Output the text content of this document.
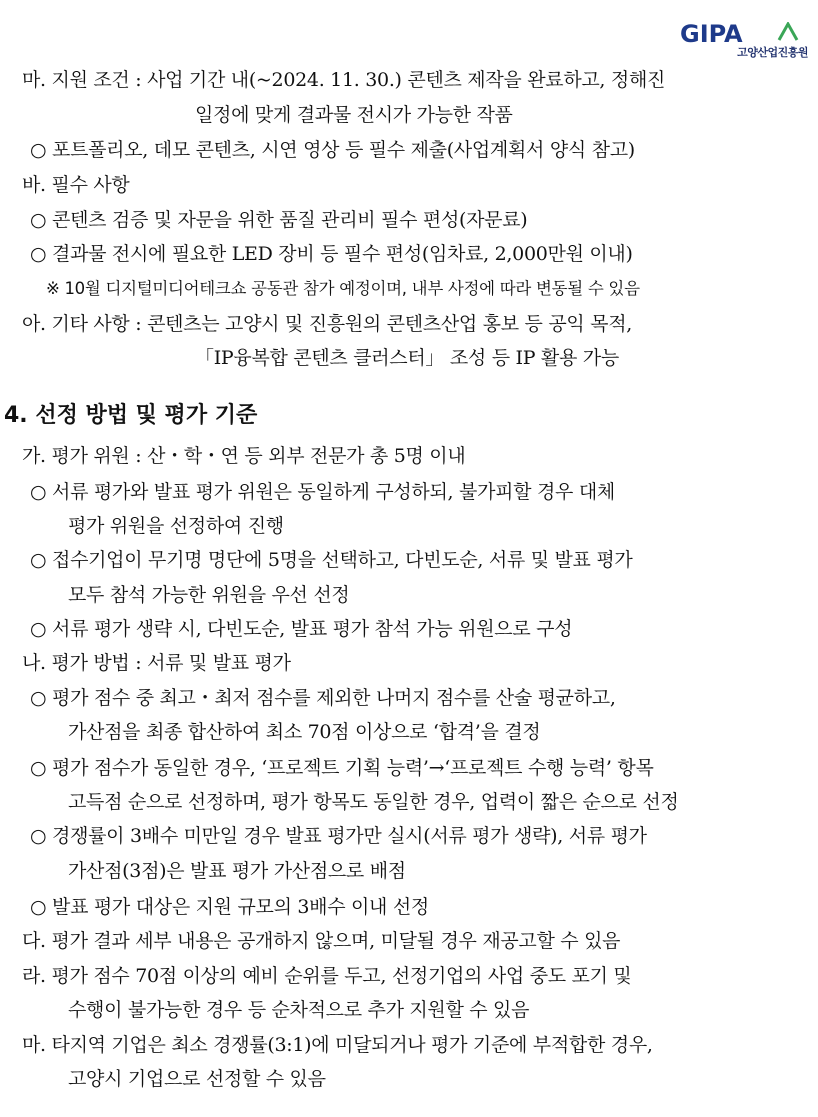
GIPA
고양산업진흥원
마. 지원 조건 : 사업 기간 내(~2024. 11. 30.) 콘텐츠 제작을 완료하고, 정해진
일정에 맞게 결과물 전시가 가능한 작품
○ 포트폴리오, 데모 콘텐츠, 시연 영상 등 필수 제출(사업계획서 양식 참고)
바. 필수 사항
○ 콘텐츠 검증 및 자문을 위한 품질 관리비 필수 편성(자문료)
○ 결과물 전시에 필요한 LED 장비 등 필수 편성(임차료, 2,000만원 이내)
※ 10월 디지털미디어테크쇼 공동관 참가 예정이며, 내부 사정에 따라 변동될 수 있음
아. 기타 사항 : 콘텐츠는 고양시 및 진흥원의 콘텐츠산업 홍보 등 공익 목적,
「IP융복합 콘텐츠 클러스터」 조성 등 IP 활용 가능
4. 선정 방법 및 평가 기준
가. 평가 위원 : 산・학・연 등 외부 전문가 총 5명 이내
○ 서류 평가와 발표 평가 위원은 동일하게 구성하되, 불가피할 경우 대체
평가 위원을 선정하여 진행
○ 접수기업이 무기명 명단에 5명을 선택하고, 다빈도순, 서류 및 발표 평가
모두 참석 가능한 위원을 우선 선정
○ 서류 평가 생략 시, 다빈도순, 발표 평가 참석 가능 위원으로 구성
나. 평가 방법 : 서류 및 발표 평가
○ 평가 점수 중 최고・최저 점수를 제외한 나머지 점수를 산술 평균하고,
가산점을 최종 합산하여 최소 70점 이상으로 ‘합격’을 결정
○ 평가 점수가 동일한 경우, ‘프로젝트 기획 능력’→‘프로젝트 수행 능력’ 항목
고득점 순으로 선정하며, 평가 항목도 동일한 경우, 업력이 짧은 순으로 선정
○ 경쟁률이 3배수 미만일 경우 발표 평가만 실시(서류 평가 생략), 서류 평가
가산점(3점)은 발표 평가 가산점으로 배점
○ 발표 평가 대상은 지원 규모의 3배수 이내 선정
다. 평가 결과 세부 내용은 공개하지 않으며, 미달될 경우 재공고할 수 있음
라. 평가 점수 70점 이상의 예비 순위를 두고, 선정기업의 사업 중도 포기 및
수행이 불가능한 경우 등 순차적으로 추가 지원할 수 있음
마. 타지역 기업은 최소 경쟁률(3:1)에 미달되거나 평가 기준에 부적합한 경우,
고양시 기업으로 선정할 수 있음
